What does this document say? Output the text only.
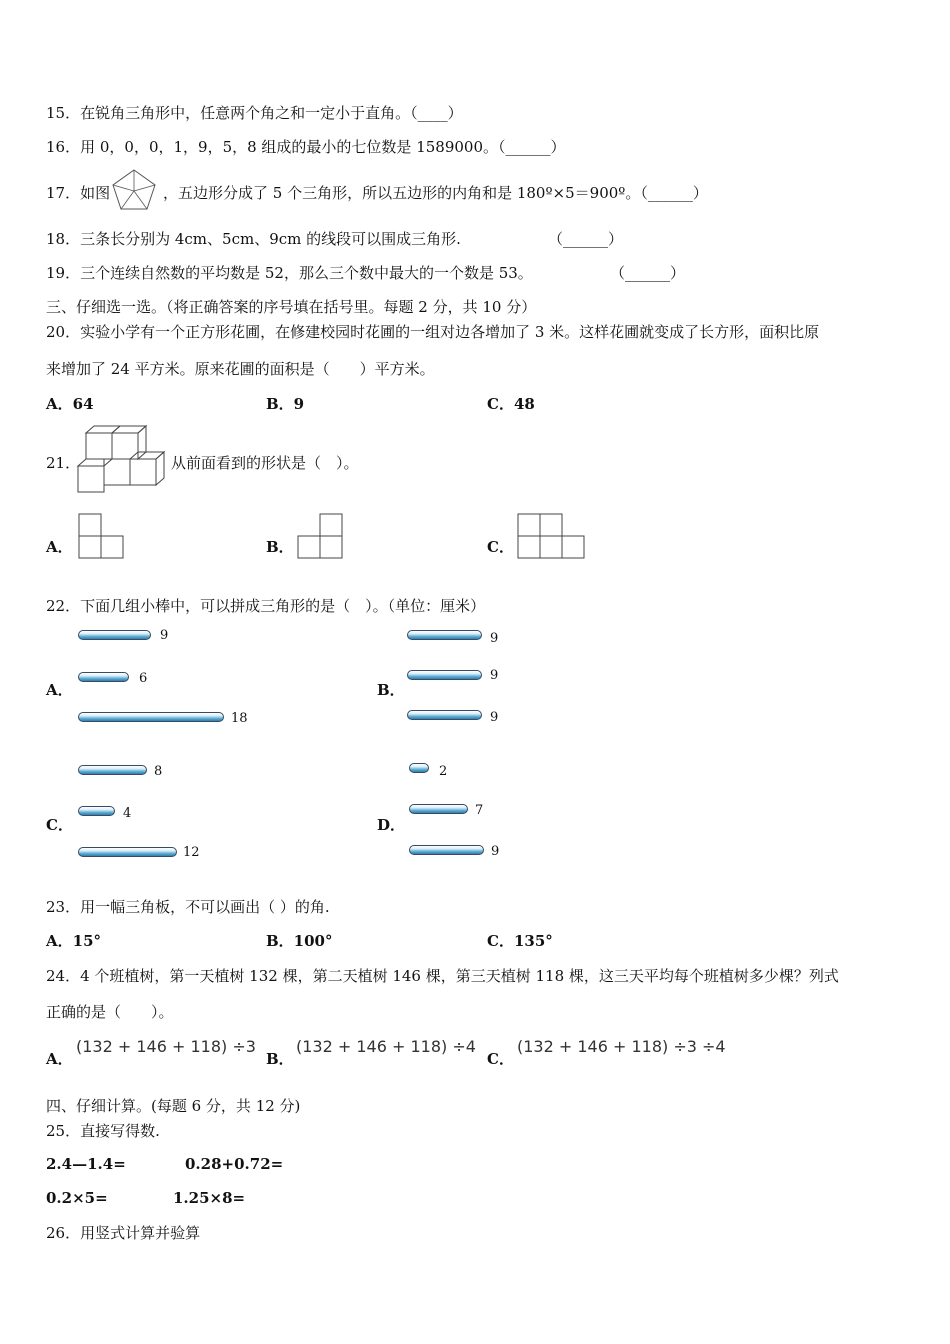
15．在锐角三角形中，任意两个角之和一定小于直角。（____）
16．用 0，0，0，1，9，5，8 组成的最小的七位数是 1589000。（______）
17．如图	，五边形分成了 5 个三角形，所以五边形的内角和是 180º×5＝900º。（______）
18．三条长分别为 4cm、5cm、9cm 的线段可以围成三角形.	（______）
19．三个连续自然数的平均数是 52，那么三个数中最大的一个数是 53。	（______）
三、仔细选一选。（将正确答案的序号填在括号里。每题 2 分，共 10 分）
20．实验小学有一个正方形花圃，在修建校园时花圃的一组对边各增加了 3 米。这样花圃就变成了长方形，面积比原
来增加了 24 平方米。原来花圃的面积是（　　）平方米。
A．64	B．9	C．48
21．	从前面看到的形状是（　）。
A．	B．	C．
22．下面几组小棒中，可以拼成三角形的是（　）。（单位：厘米）
A．
9
6
18
B．
9
9
9
C．
8
4
12
D．
2
7
9
23．用一幅三角板，不可以画出（ ）的角.
A．15°	B．100°	C．135°
24．4 个班植树，第一天植树 132 棵，第二天植树 146 棵，第三天植树 118 棵，这三天平均每个班植树多少棵？列式
正确的是（　　）。
A．
(132 + 146 + 118) ÷3
B．
(132 + 146 + 118) ÷4
C．
(132 + 146 + 118) ÷3 ÷4
四、仔细计算。(每题 6 分，共 12 分)
25．直接写得数.
2.4—1.4=	0.28+0.72=
0.2×5=	1.25×8=
26．用竖式计算并验算
